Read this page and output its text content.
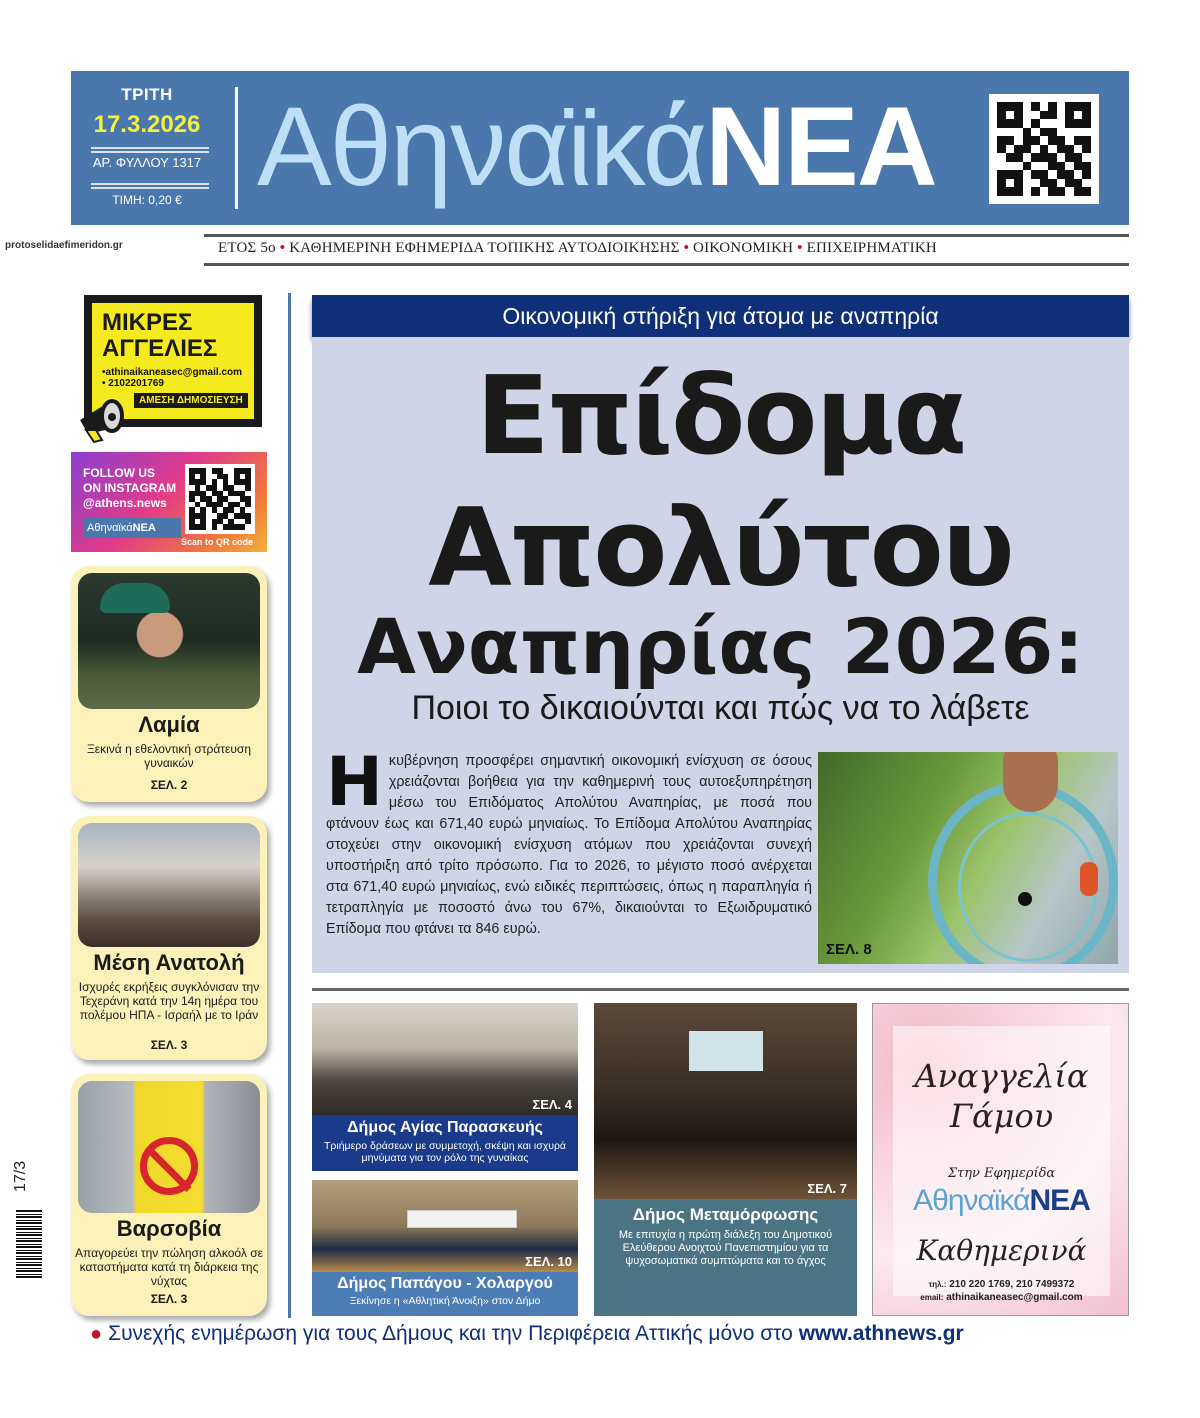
ΤΡΙΤΗ
17.3.2026
ΑΡ. ΦΥΛΛΟΥ 1317
ΤΙΜΗ: 0,20 € ΑθηναϊκάΝΕΑ
protoselidaefimeridon.gr	ΕΤΟΣ 5ο • ΚΑΘΗΜΕΡΙΝΗ ΕΦΗΜΕΡΙΔΑ ΤΟΠΙΚΗΣ ΑΥΤΟΔΙΟΙΚΗΣΗΣ • ΟΙΚΟΝΟΜΙΚΗ • ΕΠΙΧΕΙΡΗΜΑΤΙΚΗ
ΜΙΚΡΕΣ
ΑΓΓΕΛΙΕΣ
•athinaikaneasec@gmail.com
• 2102201769
ΑΜΕΣΗ ΔΗΜΟΣΙΕΥΣΗ
FOLLOW US
ON INSTAGRAM
@athens.news
ΑθηναϊκάΝΕΑ
Scan to QR code
Λαμία
Ξεκινά η εθελοντική στράτευση γυναικών
ΣΕΛ. 2
Μέση Ανατολή
Ισχυρές εκρήξεις συγκλόνισαν την Τεχεράνη κατά την 14η ημέρα του πολέμου ΗΠΑ - Ισραήλ με το Ιράν
ΣΕΛ. 3
Βαρσοβία
Απαγορεύει την πώληση αλκοόλ σε καταστήματα κατά τη διάρκεια της νύχτας
ΣΕΛ. 3
17/3
Οικονομική στήριξη για άτομα με αναπηρία
Επίδομα
Απολύτου
Αναπηρίας 2026:
Ποιοι το δικαιούνται και πώς να το λάβετε
Ηκυβέρνηση προσφέρει σημαντική οικονομική ενίσχυση σε όσους χρειάζονται βοήθεια για την καθημερινή τους αυτοεξυπηρέτηση μέσω του Επιδόματος Απολύτου Αναπηρίας, με ποσά που φτάνουν έως και 671,40 ευρώ μηνιαίως. Το Επίδομα Απολύτου Αναπηρίας στοχεύει στην οικονομική ενίσχυση ατόμων που χρειάζονται συνεχή υποστήριξη από τρίτο πρόσωπο. Για το 2026, το μέγιστο ποσό ανέρχεται στα 671,40 ευρώ μηνιαίως, ενώ ειδικές περιπτώσεις, όπως η παραπληγία ή τετραπληγία με ποσοστό άνω του 67%, δικαιούνται το Εξωιδρυματικό Επίδομα που φτάνει τα 846 ευρώ.
ΣΕΛ. 8
ΣΕΛ. 4
Δήμος Αγίας Παρασκευής
Τριήμερο δράσεων με συμμετοχή, σκέψη και ισχυρά μηνύματα για τον ρόλο της γυναίκας
ΣΕΛ. 10
Δήμος Παπάγου - Χολαργού
Ξεκίνησε η «Αθλητική Άνοιξη» στον Δήμο
ΣΕΛ. 7
Δήμος Μεταμόρφωσης
Με επιτυχία η πρώτη διάλεξη του Δημοτικού Ελεύθερου Ανοιχτού Πανεπιστημίου για τα ψυχοσωματικά συμπτώματα και το άγχος
Αναγγελία
Γάμου
Στην Εφημερίδα
ΑθηναϊκάΝΕΑ
Καθημερινά
τηλ.: 210 220 1769, 210 7499372
email: athinaikaneasec@gmail.com
● Συνεχής ενημέρωση για τους Δήμους και την Περιφέρεια Αττικής μόνο στο www.athnews.gr
